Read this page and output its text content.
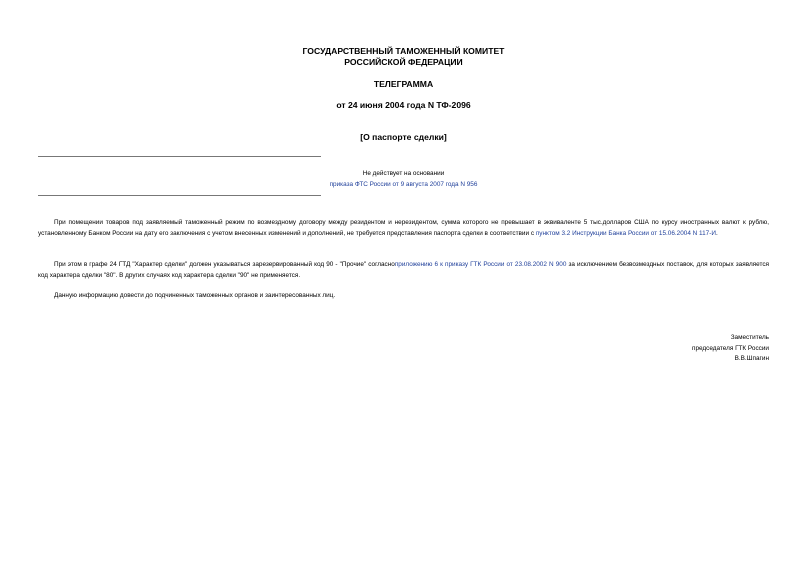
ГОСУДАРСТВЕННЫЙ ТАМОЖЕННЫЙ КОМИТЕТ
РОССИЙСКОЙ ФЕДЕРАЦИИ
ТЕЛЕГРАММА
от 24 июня 2004 года N ТФ-2096
[О паспорте сделки]
Не действует на основании
приказа ФТС России от 9 августа 2007 года N 956

При помещении товаров под заявляемый таможенный режим по возмездному договору между резидентом и нерезидентом, сумма которого не превышает в эквиваленте 5 тыс.долларов США по курсу иностранных валют к рублю, установленному Банком России на дату его заключения с учетом внесенных изменений и дополнений, не требуется представления паспорта сделки в соответствии с пунктом 3.2 Инструкции Банка России от 15.06.2004 N 117-И.

При этом в графе 24 ГТД "Характер сделки" должен указываться зарезервированный код 90 - "Прочие" согласноприложению 6 к приказу ГТК России от 23.08.2002 N 900 за исключением безвозмездных поставок, для которых заявляется код характера сделки "80". В других случаях код характера сделки "90" не применяется.

Данную информацию довести до подчиненных таможенных органов и заинтересованных лиц.

Заместитель
председателя ГТК России
В.В.Шпагин
